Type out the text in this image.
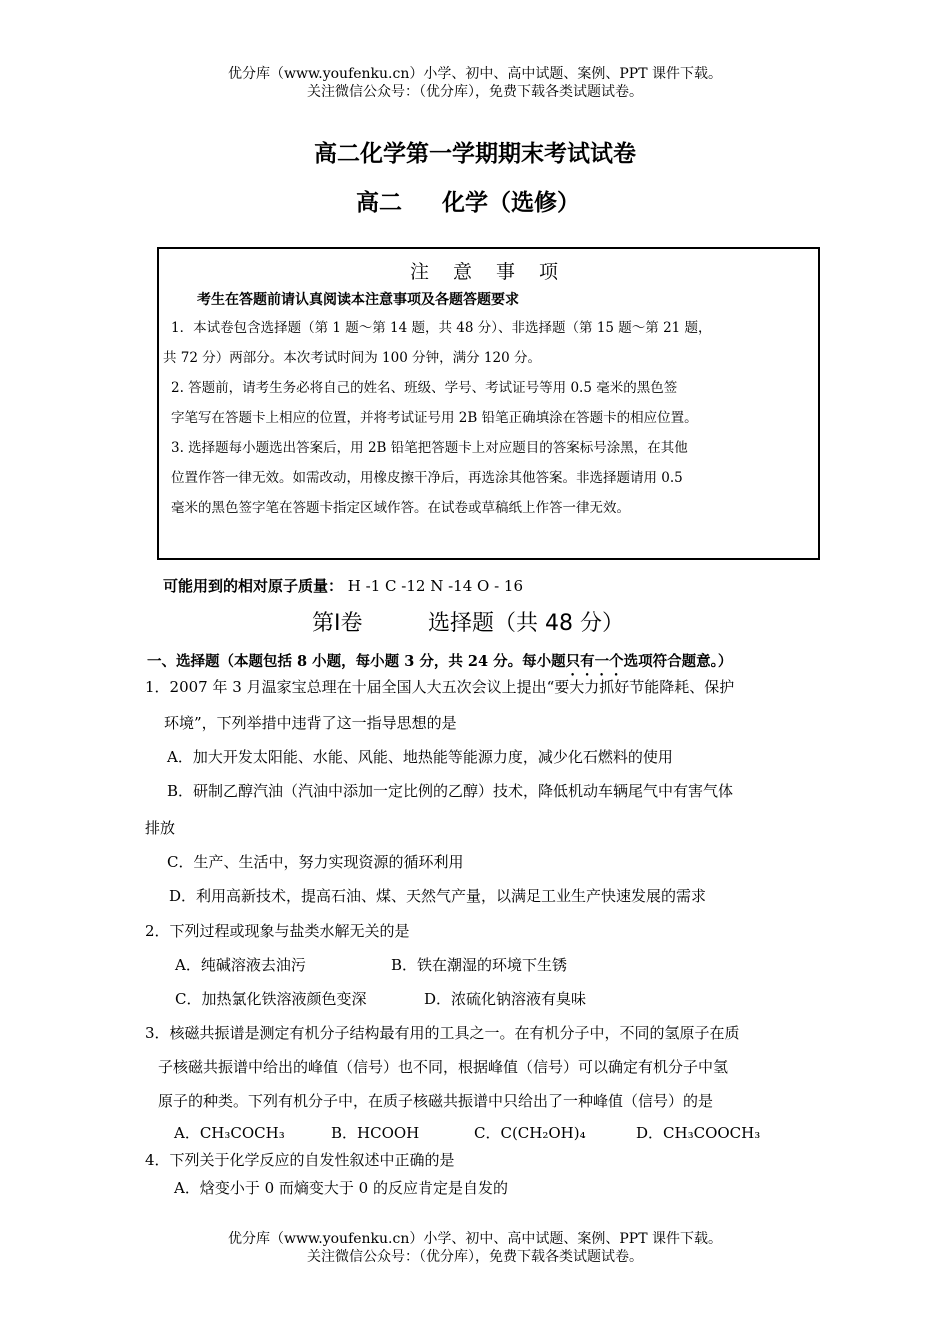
优分库（www.youfenku.cn）小学、初中、高中试题、案例、PPT 课件下载。
关注微信公众号：（优分库），免费下载各类试题试卷。
高二化学第一学期期末考试试卷
高二 化学（选修）
注 意 事 项
考生在答题前请认真阅读本注意事项及各题答题要求
1．本试卷包含选择题（第 1 题～第 14 题，共 48 分）、非选择题（第 15 题～第 21 题，
共 72 分）两部分。本次考试时间为 100 分钟，满分 120 分。
2. 答题前，请考生务必将自己的姓名、班级、学号、考试证号等用 0.5 毫米的黑色签
字笔写在答题卡上相应的位置，并将考试证号用 2B 铅笔正确填涂在答题卡的相应位置。
3. 选择题每小题选出答案后，用 2B 铅笔把答题卡上对应题目的答案标号涂黑，在其他
位置作答一律无效。如需改动，用橡皮擦干净后，再选涂其他答案。非选择题请用 0.5
毫米的黑色签字笔在答题卡指定区域作答。在试卷或草稿纸上作答一律无效。
可能用到的相对原子质量： H -1 C -12 N -14 O - 16
第Ⅰ卷	选择题（共 48 分）
一、选择题（本题包括 8 小题，每小题 3 分，共 24 分。每小题只有一个选项符合题意。）
1．2007 年 3 月温家宝总理在十届全国人大五次会议上提出“要大力抓好节能降耗、保护
环境”，下列举措中违背了这一指导思想的是
A．加大开发太阳能、水能、风能、地热能等能源力度，减少化石燃料的使用
B．研制乙醇汽油（汽油中添加一定比例的乙醇）技术，降低机动车辆尾气中有害气体
排放
C．生产、生活中，努力实现资源的循环利用
D．利用高新技术，提高石油、煤、天然气产量，以满足工业生产快速发展的需求
2．下列过程或现象与盐类水解无关的是
A．纯碱溶液去油污	B．铁在潮湿的环境下生锈
C．加热氯化铁溶液颜色变深	D．浓硫化钠溶液有臭味
3．核磁共振谱是测定有机分子结构最有用的工具之一。在有机分子中，不同的氢原子在质
子核磁共振谱中给出的峰值（信号）也不同，根据峰值（信号）可以确定有机分子中氢
原子的种类。下列有机分子中，在质子核磁共振谱中只给出了一种峰值（信号）的是
A．CH₃COCH₃	B．HCOOH	C．C(CH₂OH)₄	D．CH₃COOCH₃
4．下列关于化学反应的自发性叙述中正确的是
A．焓变小于 0 而熵变大于 0 的反应肯定是自发的
优分库（www.youfenku.cn）小学、初中、高中试题、案例、PPT 课件下载。
关注微信公众号：（优分库），免费下载各类试题试卷。
